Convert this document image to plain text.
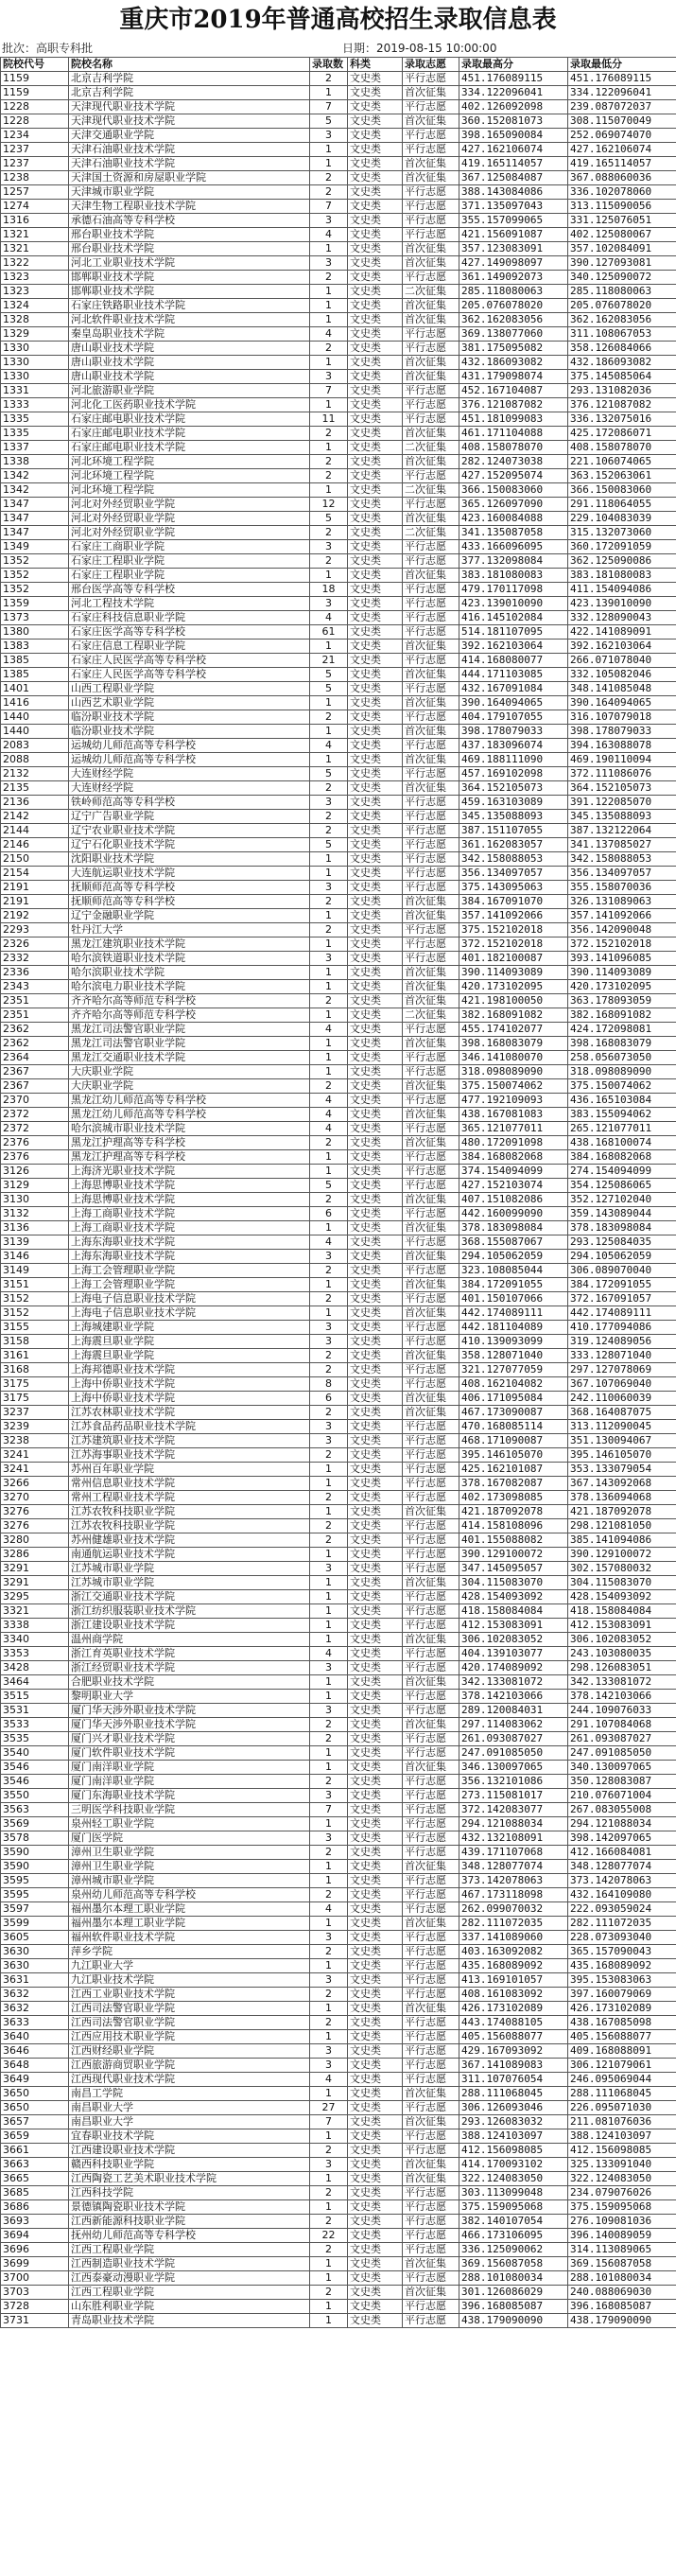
重庆市2019年普通高校招生录取信息表
批次：高职专科批	日期：2019-08-15 10:00:00
院校代号	院校名称	录取数	科类	录取志愿	录取最高分	录取最低分
1159	北京吉利学院	2	文史类	平行志愿	451.176089115	451.176089115
1159	北京吉利学院	1	文史类	首次征集	334.122096041	334.122096041
1228	天津现代职业技术学院	7	文史类	平行志愿	402.126092098	239.087072037
1228	天津现代职业技术学院	5	文史类	首次征集	360.152081073	308.115070049
1234	天津交通职业学院	3	文史类	平行志愿	398.165090084	252.069074070
1237	天津石油职业技术学院	1	文史类	平行志愿	427.162106074	427.162106074
1237	天津石油职业技术学院	1	文史类	首次征集	419.165114057	419.165114057
1238	天津国土资源和房屋职业学院	2	文史类	首次征集	367.125084087	367.088060036
1257	天津城市职业学院	2	文史类	平行志愿	388.143084086	336.102078060
1274	天津生物工程职业技术学院	7	文史类	平行志愿	371.135097043	313.115090056
1316	承德石油高等专科学校	3	文史类	平行志愿	355.157099065	331.125076051
1321	邢台职业技术学院	4	文史类	平行志愿	421.156091087	402.125080067
1321	邢台职业技术学院	1	文史类	首次征集	357.123083091	357.102084091
1322	河北工业职业技术学院	3	文史类	首次征集	427.149098097	390.127093081
1323	邯郸职业技术学院	2	文史类	平行志愿	361.149092073	340.125090072
1323	邯郸职业技术学院	1	文史类	二次征集	285.118080063	285.118080063
1324	石家庄铁路职业技术学院	1	文史类	首次征集	205.076078020	205.076078020
1328	河北软件职业技术学院	1	文史类	首次征集	362.162083056	362.162083056
1329	秦皇岛职业技术学院	4	文史类	平行志愿	369.138077060	311.108067053
1330	唐山职业技术学院	2	文史类	平行志愿	381.175095082	358.126084066
1330	唐山职业技术学院	1	文史类	首次征集	432.186093082	432.186093082
1330	唐山职业技术学院	3	文史类	首次征集	431.179098074	375.145085064
1331	河北旅游职业学院	7	文史类	平行志愿	452.167104087	293.131082036
1333	河北化工医药职业技术学院	1	文史类	平行志愿	376.121087082	376.121087082
1335	石家庄邮电职业技术学院	11	文史类	平行志愿	451.181099083	336.132075016
1335	石家庄邮电职业技术学院	2	文史类	首次征集	461.171104088	425.172086071
1337	石家庄邮电职业技术学院	1	文史类	二次征集	408.158078070	408.158078070
1338	河北环境工程学院	2	文史类	首次征集	282.124073038	221.106074065
1342	河北环境工程学院	2	文史类	平行志愿	427.152095074	363.152063061
1342	河北环境工程学院	1	文史类	二次征集	366.150083060	366.150083060
1347	河北对外经贸职业学院	12	文史类	平行志愿	365.126097090	291.118064055
1347	河北对外经贸职业学院	5	文史类	首次征集	423.160084088	229.104083039
1347	河北对外经贸职业学院	2	文史类	二次征集	341.135087058	315.132073060
1349	石家庄工商职业学院	3	文史类	平行志愿	433.166096095	360.172091059
1352	石家庄工程职业学院	2	文史类	平行志愿	377.132098084	362.125090086
1352	石家庄工程职业学院	1	文史类	首次征集	383.181080083	383.181080083
1352	邢台医学高等专科学校	18	文史类	平行志愿	479.170117098	411.154094086
1359	河北工程技术学院	3	文史类	平行志愿	423.139010090	423.139010090
1373	石家庄科技信息职业学院	4	文史类	平行志愿	416.145102084	332.128090043
1380	石家庄医学高等专科学校	61	文史类	平行志愿	514.181107095	422.141089091
1383	石家庄信息工程职业学院	1	文史类	首次征集	392.162103064	392.162103064
1385	石家庄人民医学高等专科学校	21	文史类	平行志愿	414.168080077	266.071078040
1385	石家庄人民医学高等专科学校	5	文史类	首次征集	444.171103085	332.105082046
1401	山西工程职业学院	5	文史类	平行志愿	432.167091084	348.141085048
1416	山西艺术职业学院	1	文史类	首次征集	390.164094065	390.164094065
1440	临汾职业技术学院	2	文史类	平行志愿	404.179107055	316.107079018
1440	临汾职业技术学院	1	文史类	首次征集	398.178079033	398.178079033
2083	运城幼儿师范高等专科学校	4	文史类	平行志愿	437.183096074	394.163088078
2088	运城幼儿师范高等专科学校	1	文史类	首次征集	469.188111090	469.190110094
2132	大连财经学院	5	文史类	平行志愿	457.169102098	372.111086076
2135	大连财经学院	2	文史类	首次征集	364.152105073	364.152105073
2136	铁岭师范高等专科学校	3	文史类	平行志愿	459.163103089	391.122085070
2142	辽宁广告职业学院	2	文史类	平行志愿	345.135088093	345.135088093
2144	辽宁农业职业技术学院	2	文史类	平行志愿	387.151107055	387.132122064
2146	辽宁石化职业技术学院	5	文史类	平行志愿	361.162083057	341.137085027
2150	沈阳职业技术学院	1	文史类	平行志愿	342.158088053	342.158088053
2154	大连航运职业技术学院	1	文史类	平行志愿	356.134097057	356.134097057
2191	抚顺师范高等专科学校	3	文史类	平行志愿	375.143095063	355.158070036
2191	抚顺师范高等专科学校	2	文史类	首次征集	384.167091070	326.131089063
2192	辽宁金融职业学院	1	文史类	首次征集	357.141092066	357.141092066
2293	牡丹江大学	2	文史类	平行志愿	375.152102018	356.142090048
2326	黑龙江建筑职业技术学院	1	文史类	平行志愿	372.152102018	372.152102018
2332	哈尔滨铁道职业技术学院	3	文史类	平行志愿	401.182100087	393.141096085
2336	哈尔滨职业技术学院	1	文史类	首次征集	390.114093089	390.114093089
2343	哈尔滨电力职业技术学院	1	文史类	首次征集	420.173102095	420.173102095
2351	齐齐哈尔高等师范专科学校	2	文史类	首次征集	421.198100050	363.178093059
2351	齐齐哈尔高等师范专科学校	1	文史类	二次征集	382.168091082	382.168091082
2362	黑龙江司法警官职业学院	4	文史类	平行志愿	455.174102077	424.172098081
2362	黑龙江司法警官职业学院	1	文史类	首次征集	398.168083079	398.168083079
2364	黑龙江交通职业技术学院	1	文史类	平行志愿	346.141080070	258.056073050
2367	大庆职业学院	1	文史类	平行志愿	318.098089090	318.098089090
2367	大庆职业学院	2	文史类	首次征集	375.150074062	375.150074062
2370	黑龙江幼儿师范高等专科学校	4	文史类	平行志愿	477.192109093	436.165103084
2372	黑龙江幼儿师范高等专科学校	4	文史类	首次征集	438.167081083	383.155094062
2372	哈尔滨城市职业技术学院	4	文史类	平行志愿	365.121077011	265.121077011
2376	黑龙江护理高等专科学校	2	文史类	首次征集	480.172091098	438.168100074
2376	黑龙江护理高等专科学校	1	文史类	平行志愿	384.168082068	384.168082068
3126	上海济光职业技术学院	1	文史类	平行志愿	374.154094099	274.154094099
3129	上海思博职业技术学院	5	文史类	平行志愿	427.152103074	354.125086065
3130	上海思博职业技术学院	2	文史类	首次征集	407.151082086	352.127102040
3132	上海工商职业技术学院	6	文史类	平行志愿	442.160099090	359.143089044
3136	上海工商职业技术学院	1	文史类	首次征集	378.183098084	378.183098084
3139	上海东海职业技术学院	4	文史类	平行志愿	368.155087067	293.125084035
3146	上海东海职业技术学院	3	文史类	首次征集	294.105062059	294.105062059
3149	上海工会管理职业学院	2	文史类	平行志愿	323.108085044	306.089070040
3151	上海工会管理职业学院	1	文史类	首次征集	384.172091055	384.172091055
3152	上海电子信息职业技术学院	2	文史类	平行志愿	401.150107066	372.167091057
3152	上海电子信息职业技术学院	1	文史类	首次征集	442.174089111	442.174089111
3155	上海城建职业学院	3	文史类	平行志愿	442.181104089	410.177094086
3158	上海震旦职业学院	3	文史类	平行志愿	410.139093099	319.124089056
3161	上海震旦职业学院	2	文史类	首次征集	358.128071040	333.128071040
3168	上海邦德职业技术学院	2	文史类	平行志愿	321.127077059	297.127078069
3175	上海中侨职业技术学院	8	文史类	平行志愿	408.162104082	367.107069040
3175	上海中侨职业技术学院	6	文史类	首次征集	406.171095084	242.110060039
3237	江苏农林职业技术学院	2	文史类	首次征集	467.173090087	368.164087075
3239	江苏食品药品职业技术学院	3	文史类	平行志愿	470.168085114	313.112090045
3238	江苏建筑职业技术学院	3	文史类	平行志愿	468.171090087	351.130094067
3241	江苏海事职业技术学院	2	文史类	平行志愿	395.146105070	395.146105070
3241	苏州百年职业学院	1	文史类	平行志愿	425.162101087	353.133079054
3266	常州信息职业技术学院	1	文史类	平行志愿	378.167082087	367.143092068
3270	常州工程职业技术学院	2	文史类	平行志愿	402.173098085	378.136094068
3276	江苏农牧科技职业学院	1	文史类	首次征集	421.187092078	421.187092078
3276	江苏农牧科技职业学院	2	文史类	平行志愿	414.158108096	298.121081050
3280	苏州健雄职业技术学院	2	文史类	平行志愿	401.155088082	385.141094086
3286	南通航运职业技术学院	1	文史类	平行志愿	390.129100072	390.129100072
3291	江苏城市职业学院	3	文史类	平行志愿	347.145095057	302.157080032
3291	江苏城市职业学院	1	文史类	首次征集	304.115083070	304.115083070
3295	浙江交通职业技术学院	1	文史类	平行志愿	428.154093092	428.154093092
3321	浙江纺织服装职业技术学院	1	文史类	平行志愿	418.158084084	418.158084084
3338	浙江建设职业技术学院	1	文史类	平行志愿	412.153083091	412.153083091
3340	温州商学院	1	文史类	首次征集	306.102083052	306.102083052
3353	浙江育英职业技术学院	4	文史类	平行志愿	404.139103077	243.103080035
3428	浙江经贸职业技术学院	3	文史类	平行志愿	420.174089092	298.126083051
3464	合肥职业技术学院	1	文史类	首次征集	342.133081072	342.133081072
3515	黎明职业大学	1	文史类	平行志愿	378.142103066	378.142103066
3531	厦门华天涉外职业技术学院	3	文史类	平行志愿	289.120084031	244.109076033
3533	厦门华天涉外职业技术学院	2	文史类	首次征集	297.114083062	291.107084068
3535	厦门兴才职业技术学院	2	文史类	平行志愿	261.093087027	261.093087027
3540	厦门软件职业技术学院	1	文史类	平行志愿	247.091085050	247.091085050
3546	厦门南洋职业学院	1	文史类	首次征集	346.130097065	340.130097065
3546	厦门南洋职业学院	2	文史类	平行志愿	356.132101086	350.128083087
3550	厦门东海职业技术学院	3	文史类	平行志愿	273.115081017	210.076071004
3563	三明医学科技职业学院	7	文史类	平行志愿	372.142083077	267.083055008
3569	泉州轻工职业学院	1	文史类	平行志愿	294.121088034	294.121088034
3578	厦门医学院	3	文史类	平行志愿	432.132108091	398.142097065
3590	漳州卫生职业学院	2	文史类	平行志愿	439.171107068	412.166084081
3590	漳州卫生职业学院	1	文史类	首次征集	348.128077074	348.128077074
3595	漳州城市职业学院	1	文史类	平行志愿	373.142078063	373.142078063
3595	泉州幼儿师范高等专科学校	2	文史类	平行志愿	467.173118098	432.164109080
3597	福州墨尔本理工职业学院	4	文史类	平行志愿	262.099070032	222.093059024
3599	福州墨尔本理工职业学院	1	文史类	首次征集	282.111072035	282.111072035
3605	福州软件职业技术学院	3	文史类	平行志愿	337.141089060	228.073093040
3630	萍乡学院	2	文史类	平行志愿	403.163092082	365.157090043
3630	九江职业大学	1	文史类	平行志愿	435.168089092	435.168089092
3631	九江职业技术学院	3	文史类	平行志愿	413.169101057	395.153083063
3632	江西工业职业技术学院	2	文史类	平行志愿	408.161083092	397.160079069
3632	江西司法警官职业学院	1	文史类	首次征集	426.173102089	426.173102089
3633	江西司法警官职业学院	2	文史类	平行志愿	443.174088105	438.167085098
3640	江西应用技术职业学院	1	文史类	平行志愿	405.156088077	405.156088077
3646	江西财经职业学院	3	文史类	平行志愿	429.167093092	409.168088091
3648	江西旅游商贸职业学院	3	文史类	平行志愿	367.141089083	306.121079061
3649	江西现代职业技术学院	4	文史类	平行志愿	311.107076054	246.095069044
3650	南昌工学院	1	文史类	首次征集	288.111068045	288.111068045
3650	南昌职业大学	27	文史类	平行志愿	306.126093046	226.095071030
3657	南昌职业大学	7	文史类	首次征集	293.126083032	211.081076036
3659	宜春职业技术学院	1	文史类	平行志愿	388.124103097	388.124103097
3661	江西建设职业技术学院	2	文史类	平行志愿	412.156098085	412.156098085
3663	赣西科技职业学院	3	文史类	首次征集	414.170093102	325.133091040
3665	江西陶瓷工艺美术职业技术学院	1	文史类	首次征集	322.124083050	322.124083050
3685	江西科技学院	2	文史类	平行志愿	303.113099048	234.079076026
3686	景德镇陶瓷职业技术学院	1	文史类	平行志愿	375.159095068	375.159095068
3693	江西新能源科技职业学院	2	文史类	平行志愿	382.140107054	276.109081036
3694	抚州幼儿师范高等专科学校	22	文史类	平行志愿	466.173106095	396.140089059
3696	江西工程职业学院	2	文史类	平行志愿	336.125090062	314.113089065
3699	江西制造职业技术学院	1	文史类	首次征集	369.156087058	369.156087058
3700	江西泰豪动漫职业学院	1	文史类	平行志愿	288.101080034	288.101080034
3703	江西工程职业学院	2	文史类	首次征集	301.126086029	240.088069030
3728	山东胜利职业学院	1	文史类	平行志愿	396.168085087	396.168085087
3731	青岛职业技术学院	1	文史类	平行志愿	438.179090090	438.179090090
